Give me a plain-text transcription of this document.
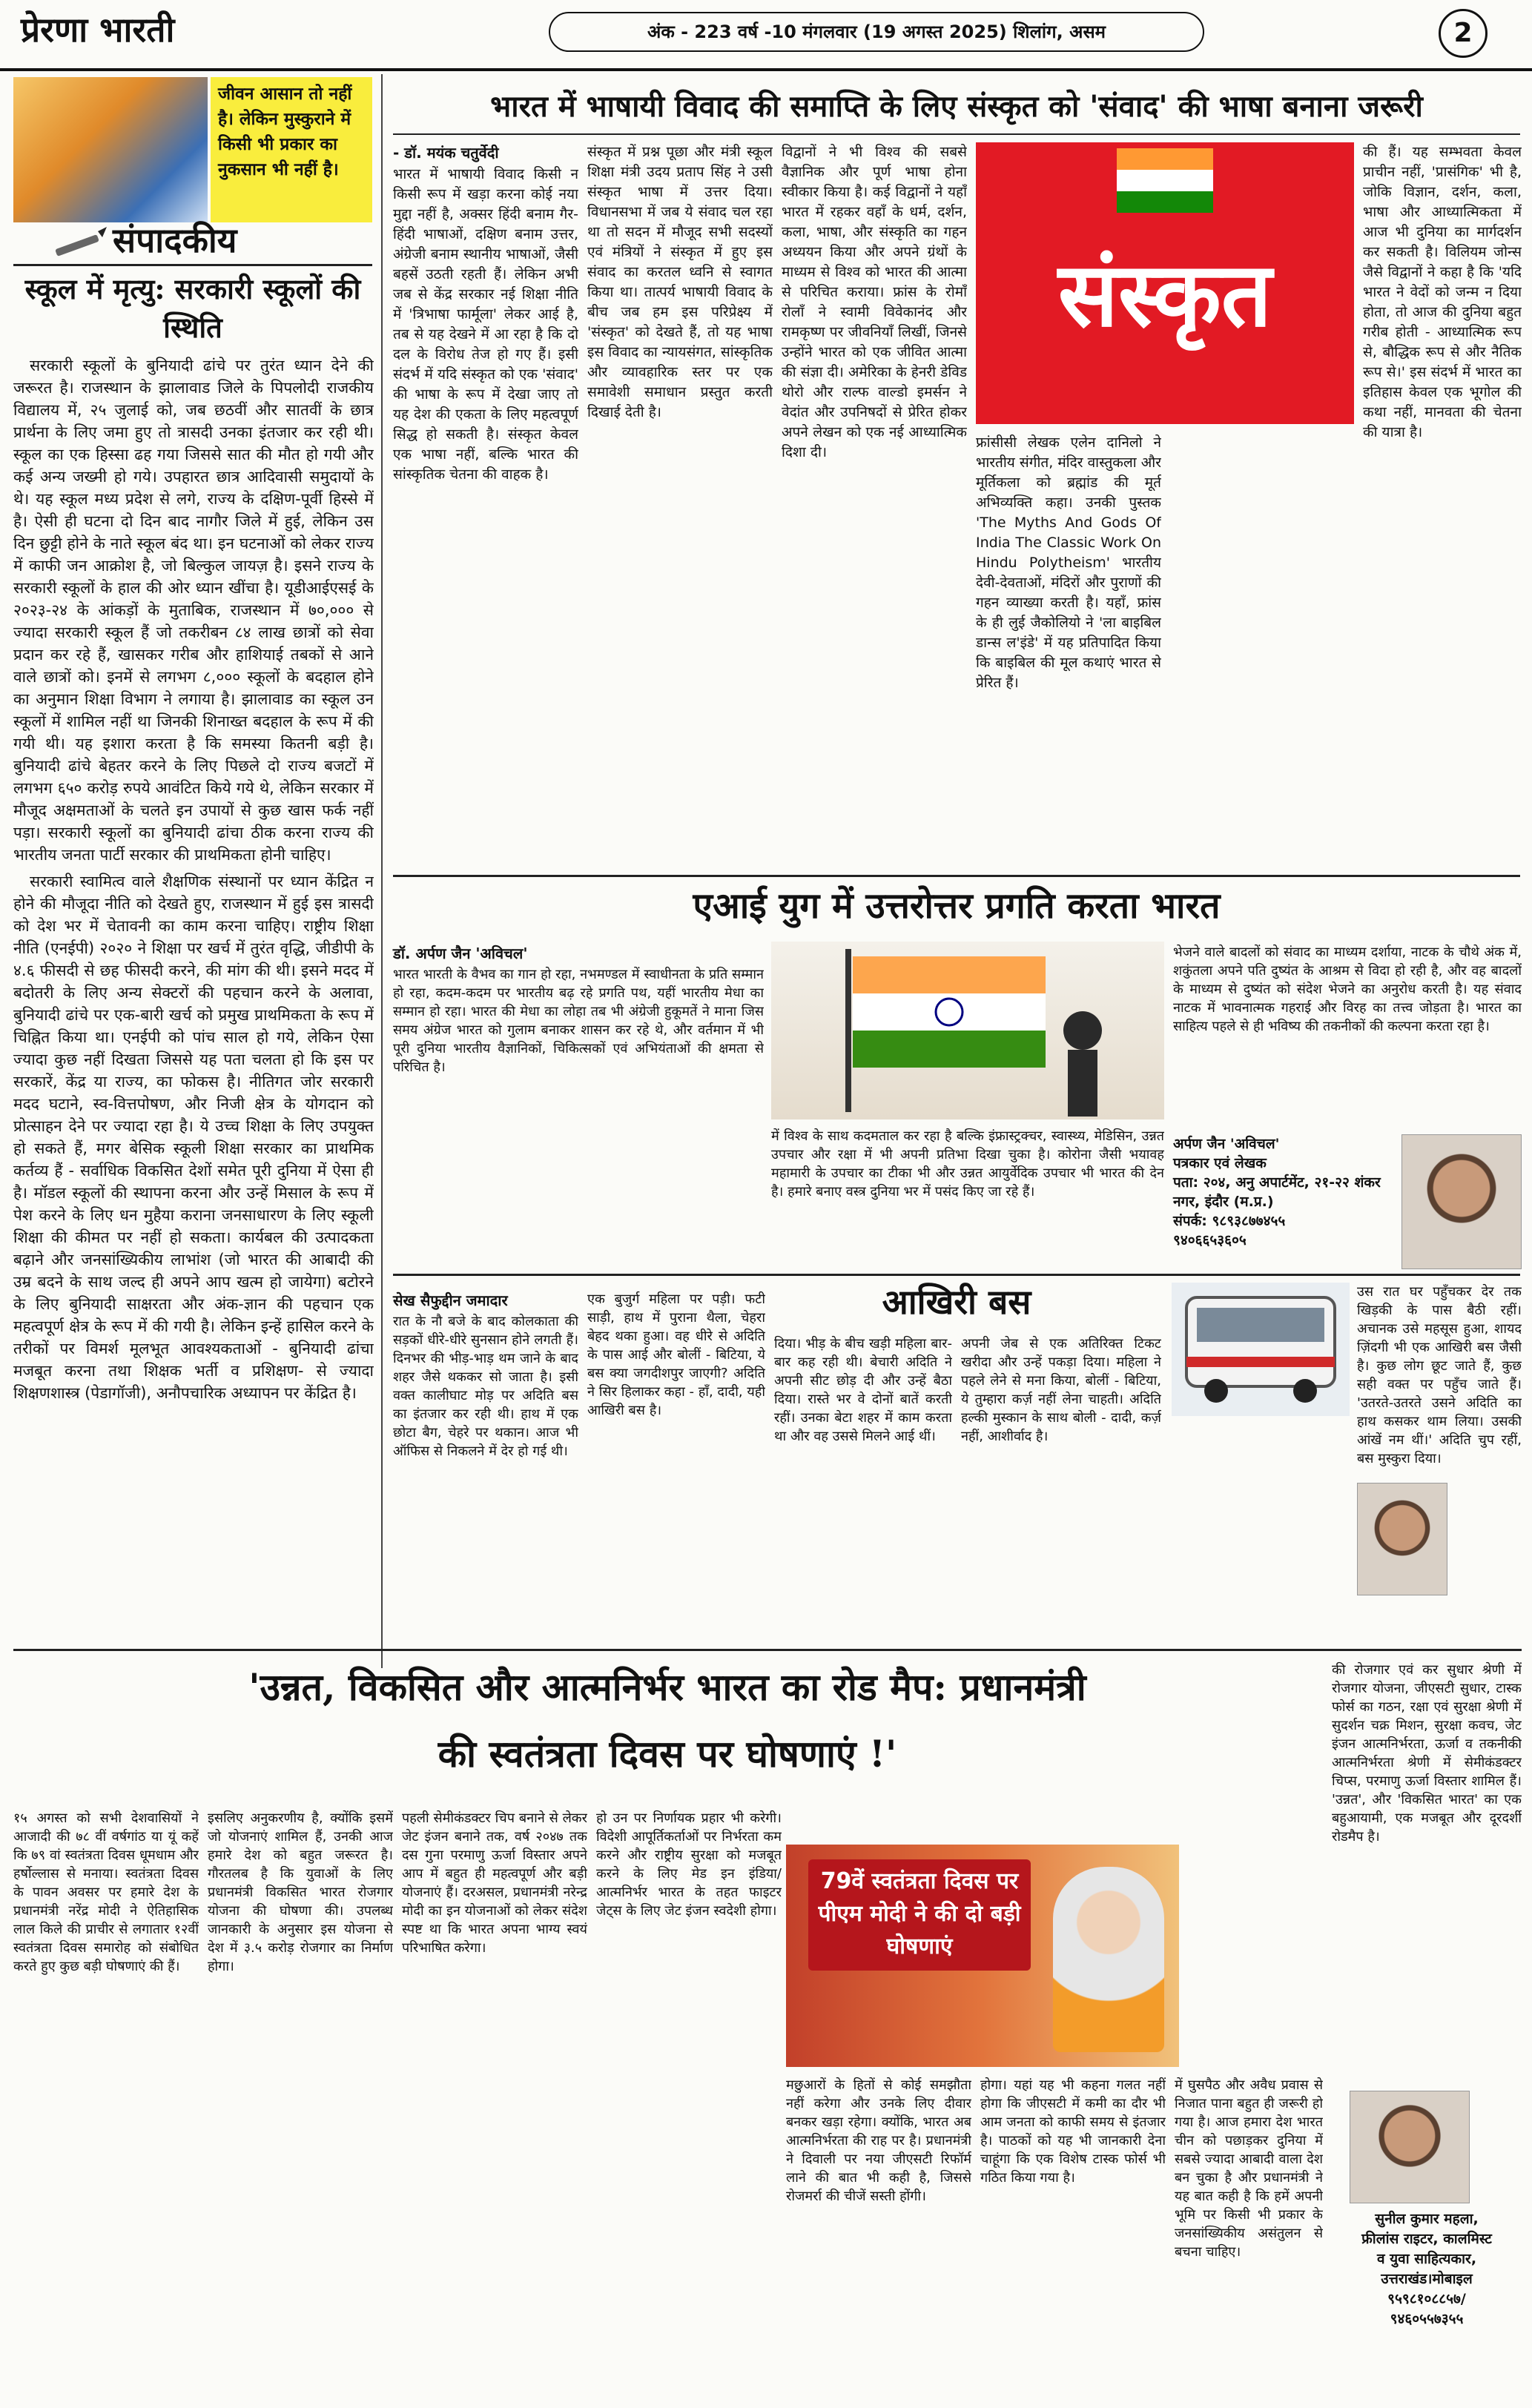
प्रेरणा भारती	अंक - 223 वर्ष -10 मंगलवार (19 अगस्त 2025) शिलांग, असम	2
जीवन आसान तो नहीं है। लेकिन मुस्कुराने में किसी भी प्रकार का नुकसान भी नहीं है।
संपादकीय
स्कूल में मृत्यु: सरकारी स्कूलों की स्थिति

सरकारी स्कूलों के बुनियादी ढांचे पर तुरंत ध्यान देने की जरूरत है। राजस्थान के झालावाड जिले के पिपलोदी राजकीय विद्यालय में, २५ जुलाई को, जब छठवीं और सातवीं के छात्र प्रार्थना के लिए जमा हुए तो त्रासदी उनका इंतजार कर रही थी। स्कूल का एक हिस्सा ढह गया जिससे सात की मौत हो गयी और कई अन्य जख्मी हो गये। उपहारत छात्र आदिवासी समुदायों के थे। यह स्कूल मध्य प्रदेश से लगे, राज्य के दक्षिण-पूर्वी हिस्से में है। ऐसी ही घटना दो दिन बाद नागौर जिले में हुई, लेकिन उस दिन छुट्टी होने के नाते स्कूल बंद था। इन घटनाओं को लेकर राज्य में काफी जन आक्रोश है, जो बिल्कुल जायज़ है। इसने राज्य के सरकारी स्कूलों के हाल की ओर ध्यान खींचा है। यूडीआईएसई के २०२३-२४ के आंकड़ों के मुताबिक, राजस्थान में ७०,००० से ज्यादा सरकारी स्कूल हैं जो तकरीबन ८४ लाख छात्रों को सेवा प्रदान कर रहे हैं, खासकर गरीब और हाशियाई तबकों से आने वाले छात्रों को। इनमें से लगभग ८,००० स्कूलों के बदहाल होने का अनुमान शिक्षा विभाग ने लगाया है। झालावाड का स्कूल उन स्कूलों में शामिल नहीं था जिनकी शिनाख्त बदहाल के रूप में की गयी थी। यह इशारा करता है कि समस्या कितनी बड़ी है। बुनियादी ढांचे बेहतर करने के लिए पिछले दो राज्य बजटों में लगभग ६५० करोड़ रुपये आवंटित किये गये थे, लेकिन सरकार में मौजूद अक्षमताओं के चलते इन उपायों से कुछ खास फर्क नहीं पड़ा। सरकारी स्कूलों का बुनियादी ढांचा ठीक करना राज्य की भारतीय जनता पार्टी सरकार की प्राथमिकता होनी चाहिए।

सरकारी स्वामित्व वाले शैक्षणिक संस्थानों पर ध्यान केंद्रित न होने की मौजूदा नीति को देखते हुए, राजस्थान में हुई इस त्रासदी को देश भर में चेतावनी का काम करना चाहिए। राष्ट्रीय शिक्षा नीति (एनईपी) २०२० ने शिक्षा पर खर्च में तुरंत वृद्धि, जीडीपी के ४.६ फीसदी से छह फीसदी करने, की मांग की थी। इसने मदद में बदोतरी के लिए अन्य सेक्टरों की पहचान करने के अलावा, बुनियादी ढांचे पर एक-बारी खर्च को प्रमुख प्राथमिकता के रूप में चिह्नित किया था। एनईपी को पांच साल हो गये, लेकिन ऐसा ज्यादा कुछ नहीं दिखता जिससे यह पता चलता हो कि इस पर सरकारें, केंद्र या राज्य, का फोकस है। नीतिगत जोर सरकारी मदद घटाने, स्व-वित्तपोषण, और निजी क्षेत्र के योगदान को प्रोत्साहन देने पर ज्यादा रहा है। ये उच्च शिक्षा के लिए उपयुक्त हो सकते हैं, मगर बेसिक स्कूली शिक्षा सरकार का प्राथमिक कर्तव्य हैं - सर्वाधिक विकसित देशों समेत पूरी दुनिया में ऐसा ही है। मॉडल स्कूलों की स्थापना करना और उन्हें मिसाल के रूप में पेश करने के लिए धन मुहैया कराना जनसाधारण के लिए स्कूली शिक्षा की कीमत पर नहीं हो सकता। कार्यबल की उत्पादकता बढ़ाने और जनसांख्यिकीय लाभांश (जो भारत की आबादी की उम्र बदने के साथ जल्द ही अपने आप खत्म हो जायेगा) बटोरने के लिए बुनियादी साक्षरता और अंक-ज्ञान की पहचान एक महत्वपूर्ण क्षेत्र के रूप में की गयी है। लेकिन इन्हें हासिल करने के तरीकों पर विमर्श मूलभूत आवश्यकताओं - बुनियादी ढांचा मजबूत करना तथा शिक्षक भर्ती व प्रशिक्षण- से ज्यादा शिक्षणशास्त्र (पेडागॉजी), अनौपचारिक अध्यापन पर केंद्रित है।

भारत में भाषायी विवाद की समाप्ति के लिए संस्कृत को 'संवाद' की भाषा बनाना जरूरी
- डॉ. मयंक चतुर्वेदी
भारत में भाषायी विवाद किसी न किसी रूप में खड़ा करना कोई नया मुद्दा नहीं है, अक्सर हिंदी बनाम गैर-हिंदी भाषाओं, दक्षिण बनाम उत्तर, अंग्रेजी बनाम स्थानीय भाषाओं, जैसी बहसें उठती रहती हैं। लेकिन अभी जब से केंद्र सरकार नई शिक्षा नीति में 'त्रिभाषा फार्मूला' लेकर आई है, तब से यह देखने में आ रहा है कि दो दल के विरोध तेज हो गए हैं। इसी संदर्भ में यदि संस्कृत को एक 'संवाद' की भाषा के रूप में देखा जाए तो यह देश की एकता के लिए महत्वपूर्ण सिद्ध हो सकती है। संस्कृत केवल एक भाषा नहीं, बल्कि भारत की सांस्कृतिक चेतना की वाहक है।
संस्कृत में प्रश्न पूछा और मंत्री स्कूल शिक्षा मंत्री उदय प्रताप सिंह ने उसी संस्कृत भाषा में उत्तर दिया। विधानसभा में जब ये संवाद चल रहा था तो सदन में मौजूद सभी सदस्यों एवं मंत्रियों ने संस्कृत में हुए इस संवाद का करतल ध्वनि से स्वागत किया था। तात्पर्य भाषायी विवाद के बीच जब हम इस परिप्रेक्ष्य में 'संस्कृत' को देखते हैं, तो यह भाषा इस विवाद का न्यायसंगत, सांस्कृतिक और व्यावहारिक स्तर पर एक समावेशी समाधान प्रस्तुत करती दिखाई देती है।
विद्वानों ने भी विश्व की सबसे वैज्ञानिक और पूर्ण भाषा होना स्वीकार किया है। कई विद्वानों ने यहाँ भारत में रहकर वहाँ के धर्म, दर्शन, कला, भाषा, और संस्कृति का गहन अध्ययन किया और अपने ग्रंथों के माध्यम से विश्व को भारत की आत्मा से परिचित कराया। फ्रांस के रोमाँ रोलाँ ने स्वामी विवेकानंद और रामकृष्ण पर जीवनियाँ लिखीं, जिनसे उन्होंने भारत को एक जीवित आत्मा की संज्ञा दी। अमेरिका के हेनरी डेविड थोरो और राल्फ वाल्डो इमर्सन ने वेदांत और उपनिषदों से प्रेरित होकर अपने लेखन को एक नई आध्यात्मिक दिशा दी।
संस्कृत
फ्रांसीसी लेखक एलेन दानिलो ने भारतीय संगीत, मंदिर वास्तुकला और मूर्तिकला को ब्रह्मांड की मूर्त अभिव्यक्ति कहा। उनकी पुस्तक 'The Myths And Gods Of India The Classic Work On Hindu Polytheism' भारतीय देवी-देवताओं, मंदिरों और पुराणों की गहन व्याख्या करती है। यहाँ, फ्रांस के ही लुई जैकोलियो ने 'ला बाइबिल डान्स ल'इंडे' में यह प्रतिपादित किया कि बाइबिल की मूल कथाएं भारत से प्रेरित हैं।
की हैं। यह सम्भवता केवल प्राचीन नहीं, 'प्रासंगिक' भी है, जोकि विज्ञान, दर्शन, कला, भाषा और आध्यात्मिकता में आज भी दुनिया का मार्गदर्शन कर सकती है। विलियम जोन्स जैसे विद्वानों ने कहा है कि 'यदि भारत ने वेदों को जन्म न दिया होता, तो आज की दुनिया बहुत गरीब होती - आध्यात्मिक रूप से, बौद्धिक रूप से और नैतिक रूप से।' इस संदर्भ में भारत का इतिहास केवल एक भूगोल की कथा नहीं, मानवता की चेतना की यात्रा है।
एआई युग में उत्तरोत्तर प्रगति करता भारत
डॉ. अर्पण जैन 'अविचल'
भारत भारती के वैभव का गान हो रहा, नभमण्डल में स्वाधीनता के प्रति सम्मान हो रहा, कदम-कदम पर भारतीय बढ़ रहे प्रगति पथ, यहीं भारतीय मेधा का सम्मान हो रहा। भारत की मेधा का लोहा तब भी अंग्रेजी हुकूमतें ने माना जिस समय अंग्रेज भारत को गुलाम बनाकर शासन कर रहे थे, और वर्तमान में भी पूरी दुनिया भारतीय वैज्ञानिकों, चिकित्सकों एवं अभियंताओं की क्षमता से परिचित है।
में विश्व के साथ कदमताल कर रहा है बल्कि इंफ्रास्ट्रक्चर, स्वास्थ्य, मेडिसिन, उन्नत उपचार और रक्षा में भी अपनी प्रतिभा दिखा चुका है। कोरोना जैसी भयावह महामारी के उपचार का टीका भी और उन्नत आयुर्वेदिक उपचार भी भारत की देन है। हमारे बनाए वस्त्र दुनिया भर में पसंद किए जा रहे हैं।
भेजने वाले बादलों को संवाद का माध्यम दर्शाया, नाटक के चौथे अंक में, शकुंतला अपने पति दुष्यंत के आश्रम से विदा हो रही है, और वह बादलों के माध्यम से दुष्यंत को संदेश भेजने का अनुरोध करती है। यह संवाद नाटक में भावनात्मक गहराई और विरह का तत्त्व जोड़ता है। भारत का साहित्य पहले से ही भविष्य की तकनीकों की कल्पना करता रहा है।
अर्पण जैन 'अविचल'
पत्रकार एवं लेखक
पता: २०४, अनु अपार्टमेंट, २१-२२ शंकर नगर, इंदौर (म.प्र.)
संपर्क: ९८९३८७७४५५
९४०६६५३६०५
आखिरी बस
सेख सैफुद्दीन जमादार
रात के नौ बजे के बाद कोलकाता की सड़कों धीरे-धीरे सुनसान होने लगती हैं। दिनभर की भीड़-भाड़ थम जाने के बाद शहर जैसे थककर सो जाता है। इसी वक्त कालीघाट मोड़ पर अदिति बस का इंतजार कर रही थी। हाथ में एक छोटा बैग, चेहरे पर थकान। आज भी ऑफिस से निकलने में देर हो गई थी।
एक बुजुर्ग महिला पर पड़ी। फटी साड़ी, हाथ में पुराना थैला, चेहरा बेहद थका हुआ। वह धीरे से अदिति के पास आई और बोलीं - बिटिया, ये बस क्या जगदीशपुर जाएगी? अदिति ने सिर हिलाकर कहा - हाँ, दादी, यही आखिरी बस है।
दिया। भीड़ के बीच खड़ी महिला बार-बार कह रही थी। बेचारी अदिति ने अपनी सीट छोड़ दी और उन्हें बैठा दिया। रास्ते भर वे दोनों बातें करती रहीं। उनका बेटा शहर में काम करता था और वह उससे मिलने आई थीं।
अपनी जेब से एक अतिरिक्त टिकट खरीदा और उन्हें पकड़ा दिया। महिला ने पहले लेने से मना किया, बोलीं - बिटिया, ये तुम्हारा कर्ज़ नहीं लेना चाहती। अदिति हल्की मुस्कान के साथ बोली - दादी, कर्ज़ नहीं, आशीर्वाद है।
उस रात घर पहुँचकर देर तक खिड़की के पास बैठी रहीं। अचानक उसे महसूस हुआ, शायद ज़िंदगी भी एक आखिरी बस जैसी है। कुछ लोग छूट जाते हैं, कुछ सही वक्त पर पहुँच जाते हैं। 'उतरते-उतरते उसने अदिति का हाथ कसकर थाम लिया। उसकी आंखें नम थीं।' अदिति चुप रहीं, बस मुस्कुरा दिया।
'उन्नत, विकसित और आत्मनिर्भर भारत का रोड मैप: प्रधानमंत्री
की स्वतंत्रता दिवस पर घोषणाएं !'
१५ अगस्त को सभी देशवासियों ने आजादी की ७८ वीं वर्षगांठ या यूं कहें कि ७९ वां स्वतंत्रता दिवस धूमधाम और हर्षोल्लास से मनाया। स्वतंत्रता दिवस के पावन अवसर पर हमारे देश के प्रधानमंत्री नरेंद्र मोदी ने ऐतिहासिक लाल किले की प्राचीर से लगातार १२वीं स्वतंत्रता दिवस समारोह को संबोधित करते हुए कुछ बड़ी घोषणाएं की हैं।
इसलिए अनुकरणीय है, क्योंकि इसमें जो योजनाएं शामिल हैं, उनकी आज हमारे देश को बहुत जरूरत है। गौरतलब है कि युवाओं के लिए प्रधानमंत्री विकसित भारत रोजगार योजना की घोषणा की। उपलब्ध जानकारी के अनुसार इस योजना से देश में ३.५ करोड़ रोजगार का निर्माण होगा।
पहली सेमीकंडक्टर चिप बनाने से लेकर जेट इंजन बनाने तक, वर्ष २०४७ तक दस गुना परमाणु ऊर्जा विस्तार अपने आप में बहुत ही महत्वपूर्ण और बड़ी योजनाएं हैं। दरअसल, प्रधानमंत्री नरेन्द्र मोदी का इन योजनाओं को लेकर संदेश स्पष्ट था कि भारत अपना भाग्य स्वयं परिभाषित करेगा।
हो उन पर निर्णायक प्रहार भी करेगी। विदेशी आपूर्तिकर्ताओं पर निर्भरता कम करने और राष्ट्रीय सुरक्षा को मजबूत करने के लिए मेड इन इंडिया/आत्मनिर्भर भारत के तहत फाइटर जेट्स के लिए जेट इंजन स्वदेशी होगा।
79वें स्वतंत्रता दिवस पर पीएम मोदी ने की दो बड़ी घोषणाएं
मछुआरों के हितों से कोई समझौता नहीं करेगा और उनके लिए दीवार बनकर खड़ा रहेगा। क्योंकि, भारत अब आत्मनिर्भरता की राह पर है। प्रधानमंत्री ने दिवाली पर नया जीएसटी रिफॉर्म लाने की बात भी कही है, जिससे रोजमर्रा की चीजें सस्ती होंगी।
होगा। यहां यह भी कहना गलत नहीं होगा कि जीएसटी में कमी का दौर भी आम जनता को काफी समय से इंतजार है। पाठकों को यह भी जानकारी देना चाहूंगा कि एक विशेष टास्क फोर्स भी गठित किया गया है।
में घुसपैठ और अवैध प्रवास से निजात पाना बहुत ही जरूरी हो गया है। आज हमारा देश भारत चीन को पछाड़कर दुनिया में सबसे ज्यादा आबादी वाला देश बन चुका है और प्रधानमंत्री ने यह बात कही है कि हमें अपनी भूमि पर किसी भी प्रकार के जनसांख्यिकीय असंतुलन से बचना चाहिए।
की रोजगार एवं कर सुधार श्रेणी में रोजगार योजना, जीएसटी सुधार, टास्क फोर्स का गठन, रक्षा एवं सुरक्षा श्रेणी में सुदर्शन चक्र मिशन, सुरक्षा कवच, जेट इंजन आत्मनिर्भरता, ऊर्जा व तकनीकी आत्मनिर्भरता श्रेणी में सेमीकंडक्टर चिप्स, परमाणु ऊर्जा विस्तार शामिल हैं। 'उन्नत', और 'विकसित भारत' का एक बहुआयामी, एक मजबूत और दूरदर्शी रोडमैप है।
सुनील कुमार महला,
फ्रीलांस राइटर, कालमिस्ट
व युवा साहित्यकार,
उत्तराखंड।मोबाइल
९५९८१०८८५७/
९४६०५५७३५५
